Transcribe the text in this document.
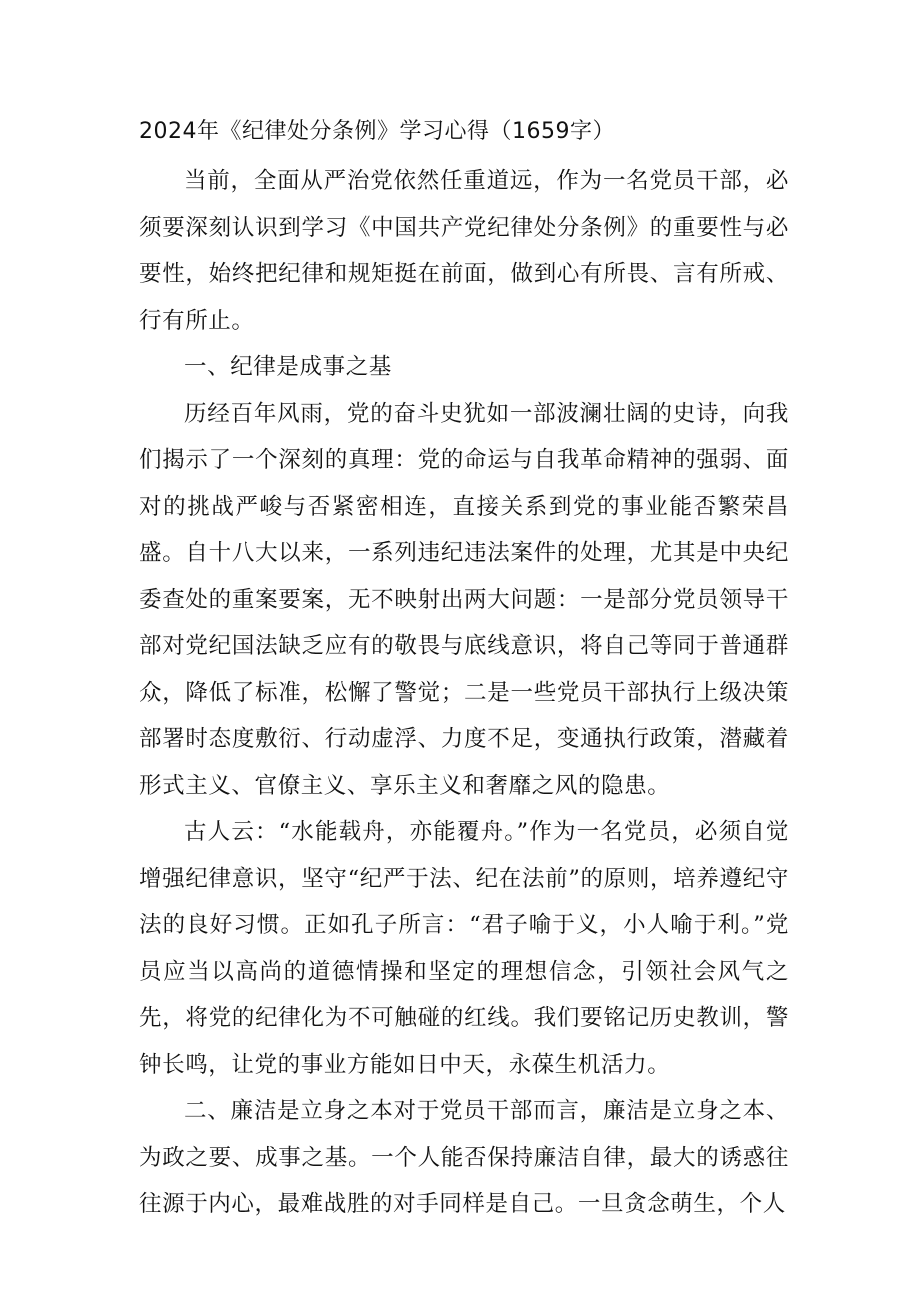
2024年《纪律处分条例》学习心得（1659字）

当前，全面从严治党依然任重道远，作为一名党员干部，必须要深刻认识到学习《中国共产党纪律处分条例》的重要性与必要性，始终把纪律和规矩挺在前面，做到心有所畏、言有所戒、行有所止。

一、纪律是成事之基

历经百年风雨，党的奋斗史犹如一部波澜壮阔的史诗，向我们揭示了一个深刻的真理：党的命运与自我革命精神的强弱、面对的挑战严峻与否紧密相连，直接关系到党的事业能否繁荣昌盛。自十八大以来，一系列违纪违法案件的处理，尤其是中央纪委查处的重案要案，无不映射出两大问题：一是部分党员领导干部对党纪国法缺乏应有的敬畏与底线意识，将自己等同于普通群众，降低了标准，松懈了警觉；二是一些党员干部执行上级决策部署时态度敷衍、行动虚浮、力度不足，变通执行政策，潜藏着形式主义、官僚主义、享乐主义和奢靡之风的隐患。

古人云：“水能载舟，亦能覆舟。”作为一名党员，必须自觉增强纪律意识，坚守“纪严于法、纪在法前”的原则，培养遵纪守法的良好习惯。正如孔子所言：“君子喻于义，小人喻于利。”党员应当以高尚的道德情操和坚定的理想信念，引领社会风气之先，将党的纪律化为不可触碰的红线。我们要铭记历史教训，警钟长鸣，让党的事业方能如日中天，永葆生机活力。

二、廉洁是立身之本对于党员干部而言，廉洁是立身之本、为政之要、成事之基。一个人能否保持廉洁自律，最大的诱惑往往源于内心，最难战胜的对手同样是自己。一旦贪念萌生，个人
